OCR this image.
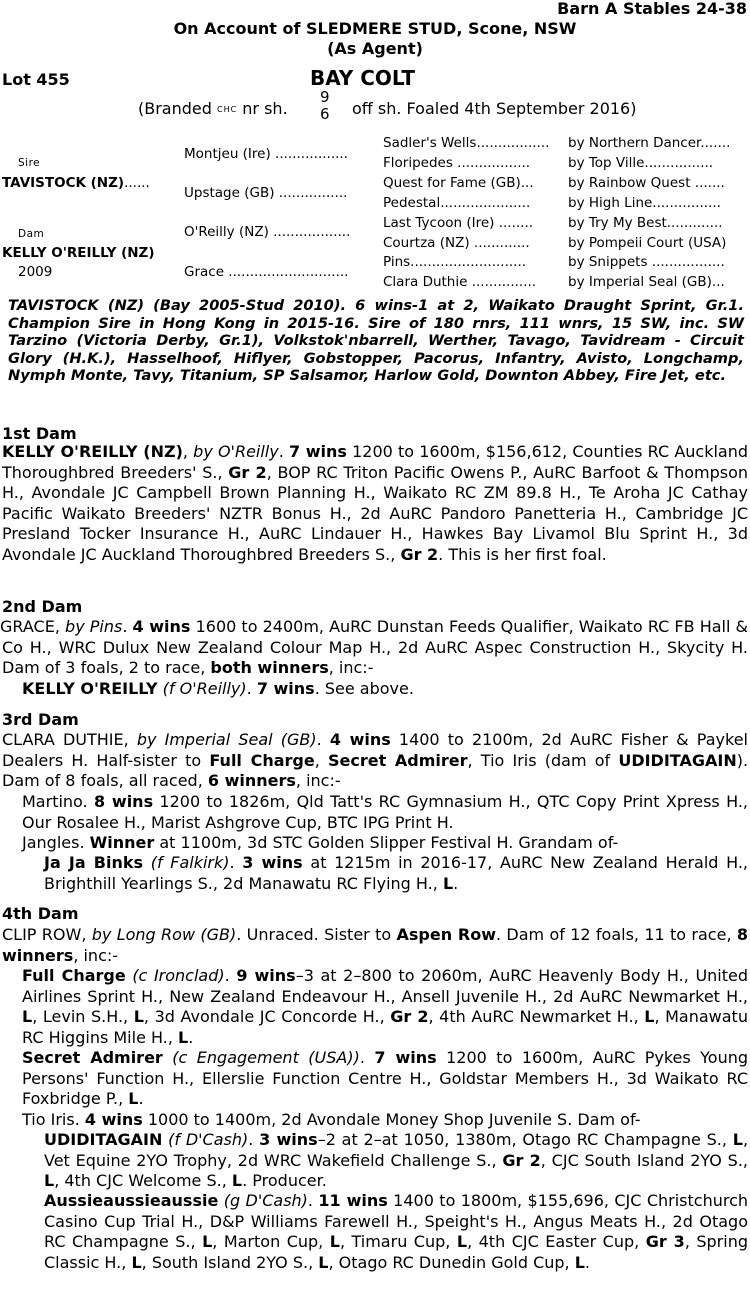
Barn A Stables 24-38
On Account of SLEDMERE STUD, Scone, NSW
(As Agent)
Lot 455	BAY COLT
(Branded CHC nr sh.
9
6 off sh. Foaled 4th September 2016)
Sire
TAVISTOCK (NZ)......
Dam
KELLY O'REILLY (NZ)
2009
Montjeu (Ire) .................
Upstage (GB) ................
O'Reilly (NZ) ..................
Grace ............................
Sadler's Wells.................
Floripedes .................
Quest for Fame (GB)...
Pedestal.....................
Last Tycoon (Ire) ........
Courtza (NZ) .............
Pins...........................
Clara Duthie ...............
by Northern Dancer.......
by Top Ville................
by Rainbow Quest .......
by High Line................
by Try My Best.............
by Pompeii Court (USA)
by Snippets .................
by Imperial Seal (GB)...
TAVISTOCK (NZ) (Bay 2005-Stud 2010). 6 wins-1 at 2, Waikato Draught Sprint, Gr.1. Champion Sire in Hong Kong in 2015-16. Sire of 180 rnrs, 111 wnrs, 15 SW, inc. SW Tarzino (Victoria Derby, Gr.1), Volkstok'nbarrell, Werther, Tavago, Tavidream - Circuit Glory (H.K.), Hasselhoof, Hiflyer, Gobstopper, Pacorus, Infantry, Avisto, Longchamp, Nymph Monte, Tavy, Titanium, SP Salsamor, Harlow Gold, Downton Abbey, Fire Jet, etc.
1st Dam
KELLY O'REILLY (NZ), by O'Reilly. 7 wins 1200 to 1600m, $156,612, Counties RC Auckland Thoroughbred Breeders' S., Gr 2, BOP RC Triton Pacific Owens P., AuRC Barfoot & Thompson H., Avondale JC Campbell Brown Planning H., Waikato RC ZM 89.8 H., Te Aroha JC Cathay Pacific Waikato Breeders' NZTR Bonus H., 2d AuRC Pandoro Panetteria H., Cambridge JC Presland Tocker Insurance H., AuRC Lindauer H., Hawkes Bay Livamol Blu Sprint H., 3d Avondale JC Auckland Thoroughbred Breeders S., Gr 2. This is her first foal.
2nd Dam
GRACE, by Pins. 4 wins 1600 to 2400m, AuRC Dunstan Feeds Qualifier, Waikato RC FB Hall & Co H., WRC Dulux New Zealand Colour Map H., 2d AuRC Aspec Construction H., Skycity H. Dam of 3 foals, 2 to race, both winners, inc:-
KELLY O'REILLY (f O'Reilly). 7 wins. See above.
3rd Dam
CLARA DUTHIE, by Imperial Seal (GB). 4 wins 1400 to 2100m, 2d AuRC Fisher & Paykel Dealers H. Half-sister to Full Charge, Secret Admirer, Tio Iris (dam of UDIDITAGAIN). Dam of 8 foals, all raced, 6 winners, inc:-
Martino. 8 wins 1200 to 1826m, Qld Tatt's RC Gymnasium H., QTC Copy Print Xpress H., Our Rosalee H., Marist Ashgrove Cup, BTC IPG Print H.
Jangles. Winner at 1100m, 3d STC Golden Slipper Festival H. Grandam of-
Ja Ja Binks (f Falkirk). 3 wins at 1215m in 2016-17, AuRC New Zealand Herald H., Brighthill Yearlings S., 2d Manawatu RC Flying H., L.
4th Dam
CLIP ROW, by Long Row (GB). Unraced. Sister to Aspen Row. Dam of 12 foals, 11 to race, 8 winners, inc:-
Full Charge (c Ironclad). 9 wins–3 at 2–800 to 2060m, AuRC Heavenly Body H., United Airlines Sprint H., New Zealand Endeavour H., Ansell Juvenile H., 2d AuRC Newmarket H., L, Levin S.H., L, 3d Avondale JC Concorde H., Gr 2, 4th AuRC Newmarket H., L, Manawatu RC Higgins Mile H., L.
Secret Admirer (c Engagement (USA)). 7 wins 1200 to 1600m, AuRC Pykes Young Persons' Function H., Ellerslie Function Centre H., Goldstar Members H., 3d Waikato RC Foxbridge P., L.
Tio Iris. 4 wins 1000 to 1400m, 2d Avondale Money Shop Juvenile S. Dam of-
UDIDITAGAIN (f D'Cash). 3 wins–2 at 2–at 1050, 1380m, Otago RC Champagne S., L, Vet Equine 2YO Trophy, 2d WRC Wakefield Challenge S., Gr 2, CJC South Island 2YO S., L, 4th CJC Welcome S., L. Producer.
Aussieaussieaussie (g D'Cash). 11 wins 1400 to 1800m, $155,696, CJC Christchurch Casino Cup Trial H., D&P Williams Farewell H., Speight's H., Angus Meats H., 2d Otago RC Champagne S., L, Marton Cup, L, Timaru Cup, L, 4th CJC Easter Cup, Gr 3, Spring Classic H., L, South Island 2YO S., L, Otago RC Dunedin Gold Cup, L.
